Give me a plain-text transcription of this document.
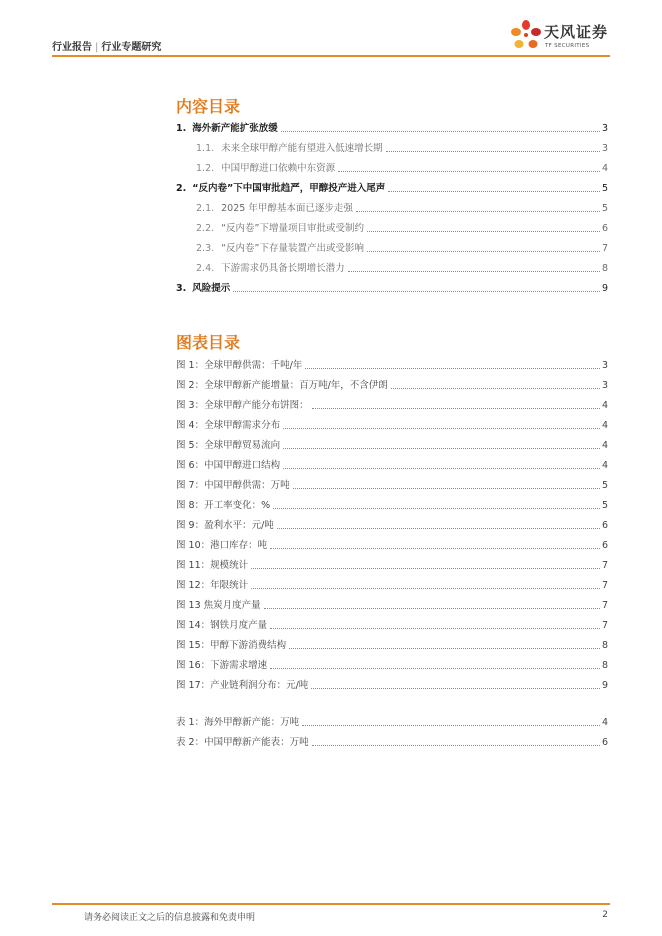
行业报告 | 行业专题研究
天风证券
TF SECURITIES
内容目录
1. 海外新产能扩张放缓	3
1.1. 未来全球甲醇产能有望进入低速增长期	3
1.2. 中国甲醇进口依赖中东资源	4
2. “反内卷”下中国审批趋严，甲醇投产进入尾声	5
2.1. 2025 年甲醇基本面已逐步走强	5
2.2. “反内卷”下增量项目审批或受制约	6
2.3. “反内卷”下存量装置产出或受影响	7
2.4. 下游需求仍具备长期增长潜力	8
3. 风险提示	9
图表目录
图 1：全球甲醇供需：千吨/年	3
图 2：全球甲醇新产能增量：百万吨/年，不含伊朗	3
图 3：全球甲醇产能分布饼图：	4
图 4：全球甲醇需求分布	4
图 5：全球甲醇贸易流向	4
图 6：中国甲醇进口结构	4
图 7：中国甲醇供需：万吨	5
图 8：开工率变化：%	5
图 9：盈利水平：元/吨	6
图 10：港口库存：吨	6
图 11：规模统计	7
图 12：年限统计	7
图 13 焦炭月度产量	7
图 14：钢铁月度产量	7
图 15：甲醇下游消费结构	8
图 16：下游需求增速	8
图 17：产业链利润分布：元/吨	9
表 1：海外甲醇新产能：万吨	4
表 2：中国甲醇新产能表：万吨	6
请务必阅读正文之后的信息披露和免责申明	2
